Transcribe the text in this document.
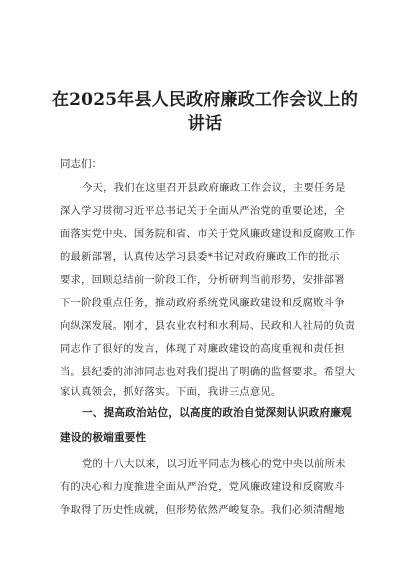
在2025年县人民政府廉政工作会议上的
讲话
同志们：
今天，我们在这里召开县政府廉政工作会议，主要任务是
深入学习贯彻习近平总书记关于全面从严治党的重要论述，全
面落实党中央、国务院和省、市关于党风廉政建设和反腐败工作
的最新部署，认真传达学习县委*书记对政府廉政工作的批示
要求，回顾总结前一阶段工作，分析研判当前形势，安排部署
下一阶段重点任务，推动政府系统党风廉政建设和反腐败斗争
向纵深发展。刚才，县农业农村和水利局、民政和人社局的负责
同志作了很好的发言，体现了对廉政建设的高度重视和责任担
当。县纪委的沛沛同志也对我们提出了明确的监督要求。希望大
家认真领会，抓好落实。下面，我讲三点意见。
一、提高政治站位，以高度的政治自觉深刻认识政府廉观
建设的极端重要性
党的十八大以来，以习近平同志为核心的党中央以前所未
有的决心和力度推进全面从严治党，党风廉政建设和反腐败斗
争取得了历史性成就，但形势依然严峻复杂。我们必须清醒地
